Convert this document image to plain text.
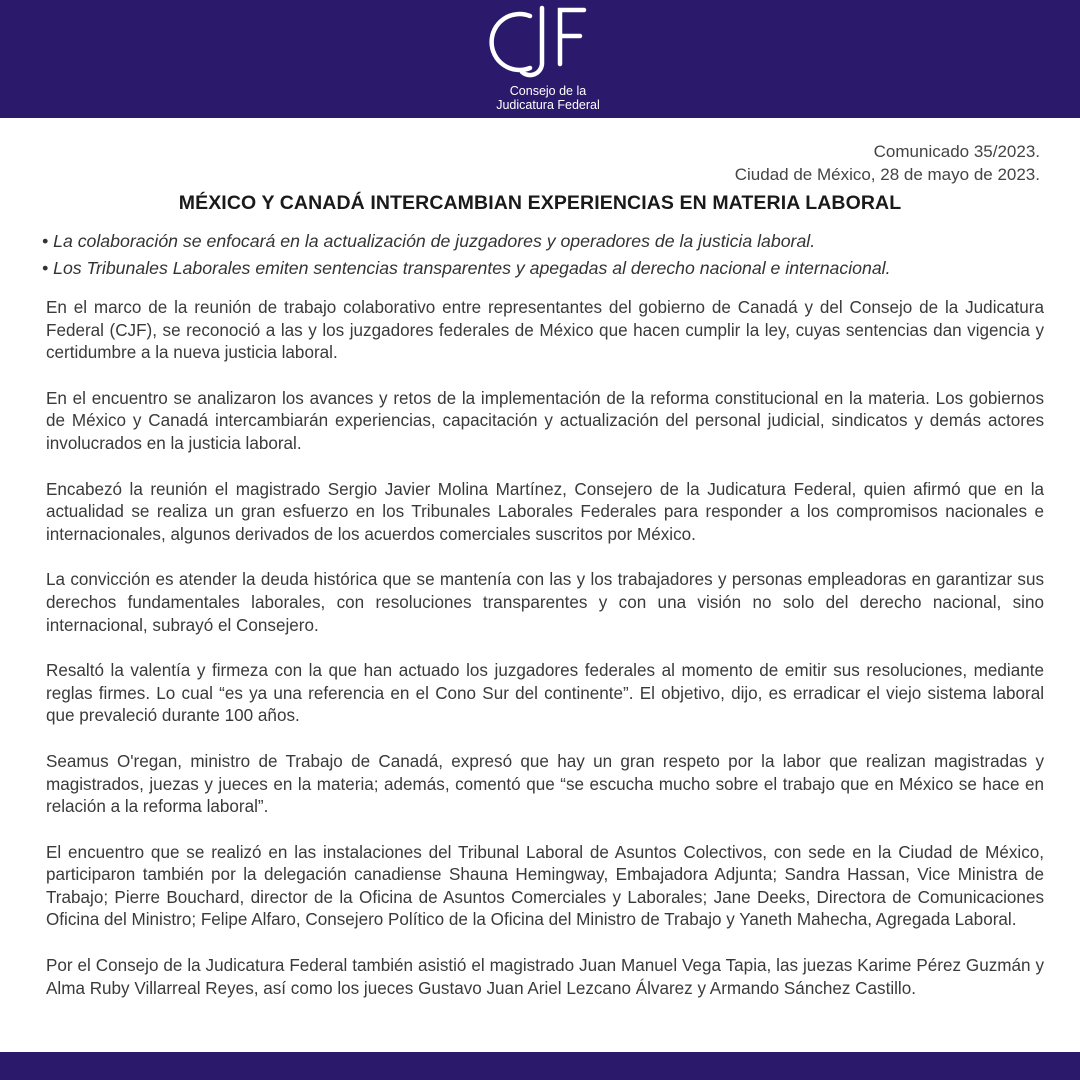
Consejo de la
Judicatura Federal
Comunicado 35/2023.
Ciudad de México, 28 de mayo de 2023.
MÉXICO Y CANADÁ INTERCAMBIAN EXPERIENCIAS EN MATERIA LABORAL
• La colaboración se enfocará en la actualización de juzgadores y operadores de la justicia laboral.
• Los Tribunales Laborales emiten sentencias transparentes y apegadas al derecho nacional e internacional.

En el marco de la reunión de trabajo colaborativo entre representantes del gobierno de Canadá y del Consejo de la Judicatura Federal (CJF), se reconoció a las y los juzgadores federales de México que hacen cumplir la ley, cuyas sentencias dan vigencia y certidumbre a la nueva justicia laboral.

En el encuentro se analizaron los avances y retos de la implementación de la reforma constitucional en la materia. Los gobiernos de México y Canadá intercambiarán experiencias, capacitación y actualización del personal judicial, sindicatos y demás actores involucrados en la justicia laboral.

Encabezó la reunión el magistrado Sergio Javier Molina Martínez, Consejero de la Judicatura Federal, quien afirmó que en la actualidad se realiza un gran esfuerzo en los Tribunales Laborales Federales para responder a los compromisos nacionales e internacionales, algunos derivados de los acuerdos comerciales suscritos por México.

La convicción es atender la deuda histórica que se mantenía con las y los trabajadores y personas empleadoras en garantizar sus derechos fundamentales laborales, con resoluciones transparentes y con una visión no solo del derecho nacional, sino internacional, subrayó el Consejero.

Resaltó la valentía y firmeza con la que han actuado los juzgadores federales al momento de emitir sus resoluciones, mediante reglas firmes. Lo cual “es ya una referencia en el Cono Sur del continente”. El objetivo, dijo, es erradicar el viejo sistema laboral que prevaleció durante 100 años.

Seamus O'regan, ministro de Trabajo de Canadá, expresó que hay un gran respeto por la labor que realizan magistradas y magistrados, juezas y jueces en la materia; además, comentó que “se escucha mucho sobre el trabajo que en México se hace en relación a la reforma laboral”.

El encuentro que se realizó en las instalaciones del Tribunal Laboral de Asuntos Colectivos, con sede en la Ciudad de México, participaron también por la delegación canadiense Shauna Hemingway, Embajadora Adjunta; Sandra Hassan, Vice Ministra de Trabajo; Pierre Bouchard, director de la Oficina de Asuntos Comerciales y Laborales; Jane Deeks, Directora de Comunicaciones Oficina del Ministro; Felipe Alfaro, Consejero Político de la Oficina del Ministro de Trabajo y Yaneth Mahecha, Agregada Laboral.

Por el Consejo de la Judicatura Federal también asistió el magistrado Juan Manuel Vega Tapia, las juezas Karime Pérez Guzmán y Alma Ruby Villarreal Reyes, así como los jueces Gustavo Juan Ariel Lezcano Álvarez y Armando Sánchez Castillo.
